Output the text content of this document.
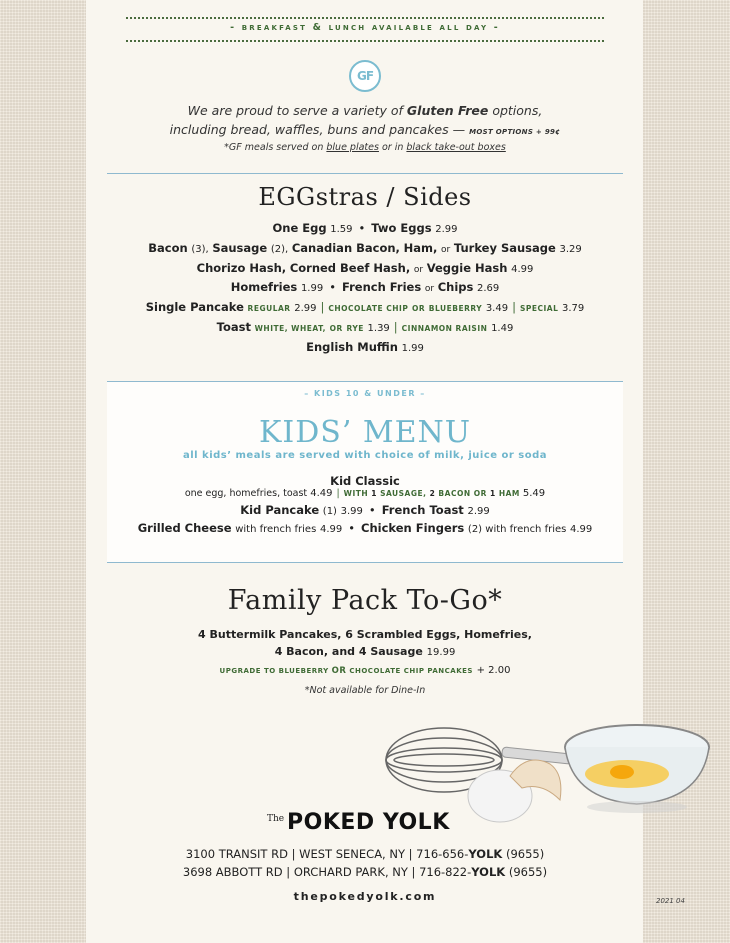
- breakfast & lunch available all day -
GF
We are proud to serve a variety of Gluten Free options,
including bread, waffles, buns and pancakes — MOST OPTIONS + 99¢
*GF meals served on blue plates or in black take-out boxes
EGGstras / Sides
One Egg 1.59 • Two Eggs 2.99
Bacon (3), Sausage (2), Canadian Bacon, Ham, or Turkey Sausage 3.29
Chorizo Hash, Corned Beef Hash, or Veggie Hash 4.99
Homefries 1.99 • French Fries or Chips 2.69
Single Pancake REGULAR 2.99 | CHOCOLATE CHIP OR BLUEBERRY 3.49 | SPECIAL 3.79
Toast WHITE, WHEAT, OR RYE 1.39 | CINNAMON RAISIN 1.49
English Muffin 1.99
– KIDS 10 & UNDER –
KIDS’ MENU
all kids’ meals are served with choice of milk, juice or soda
Kid Classic
one egg, homefries, toast 4.49 | WITH 1 SAUSAGE, 2 BACON OR 1 HAM 5.49
Kid Pancake (1) 3.99 • French Toast 2.99
Grilled Cheese with french fries 4.99 • Chicken Fingers (2) with french fries 4.99
Family Pack To-Go*
4 Buttermilk Pancakes, 6 Scrambled Eggs, Homefries,
4 Bacon, and 4 Sausage 19.99
UPGRADE TO BLUEBERRY OR CHOCOLATE CHIP PANCAKES + 2.00
*Not available for Dine-In
The POKED YOLK
3100 TRANSIT RD | WEST SENECA, NY | 716-656-YOLK (9655)
3698 ABBOTT RD | ORCHARD PARK, NY | 716-822-YOLK (9655)
thepokedyolk.com	2021 04
